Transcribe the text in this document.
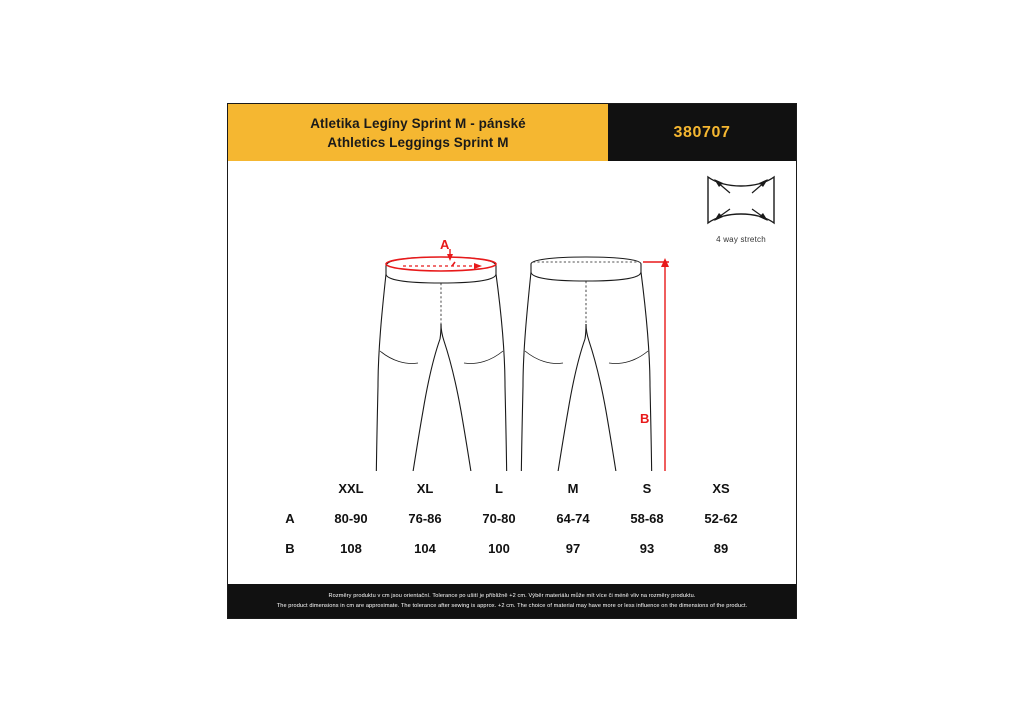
Atletika Legíny Sprint M - pánské
Athletics Leggings Sprint M
380707
A
B
4 way stretch
	XXL	XL	L	M	S	XS
A	80-90	76-86	70-80	64-74	58-68	52-62
B	108	104	100	97	93	89
Rozměry produktu v cm jsou orientační. Tolerance po ušití je přibližně +2 cm. Výběr materiálu může mít více či méně vliv na rozměry produktu.
The product dimensions in cm are approximate. The tolerance after sewing is approx. +2 cm. The choice of material may have more or less influence on the dimensions of the product.
